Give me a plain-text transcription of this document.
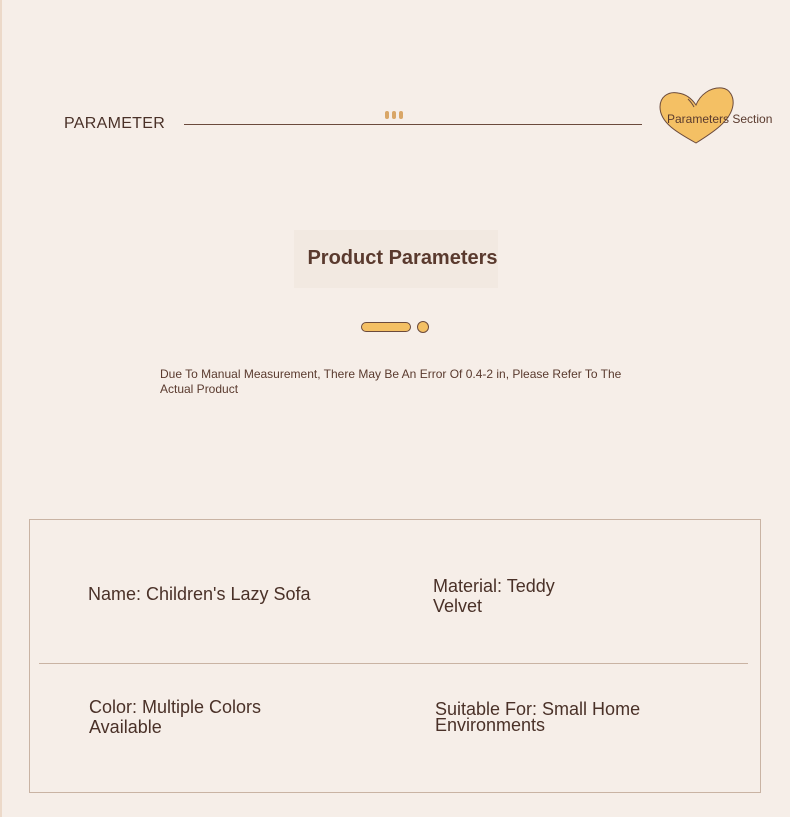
PARAMETER	Parameters Section
Product Parameters
Due To Manual Measurement, There May Be An Error Of 0.4-2 in, Please Refer To The Actual Product
Name: Children's Lazy Sofa	Material: Teddy Velvet
Color: Multiple Colors Available
Suitable For: Small Home Environments
